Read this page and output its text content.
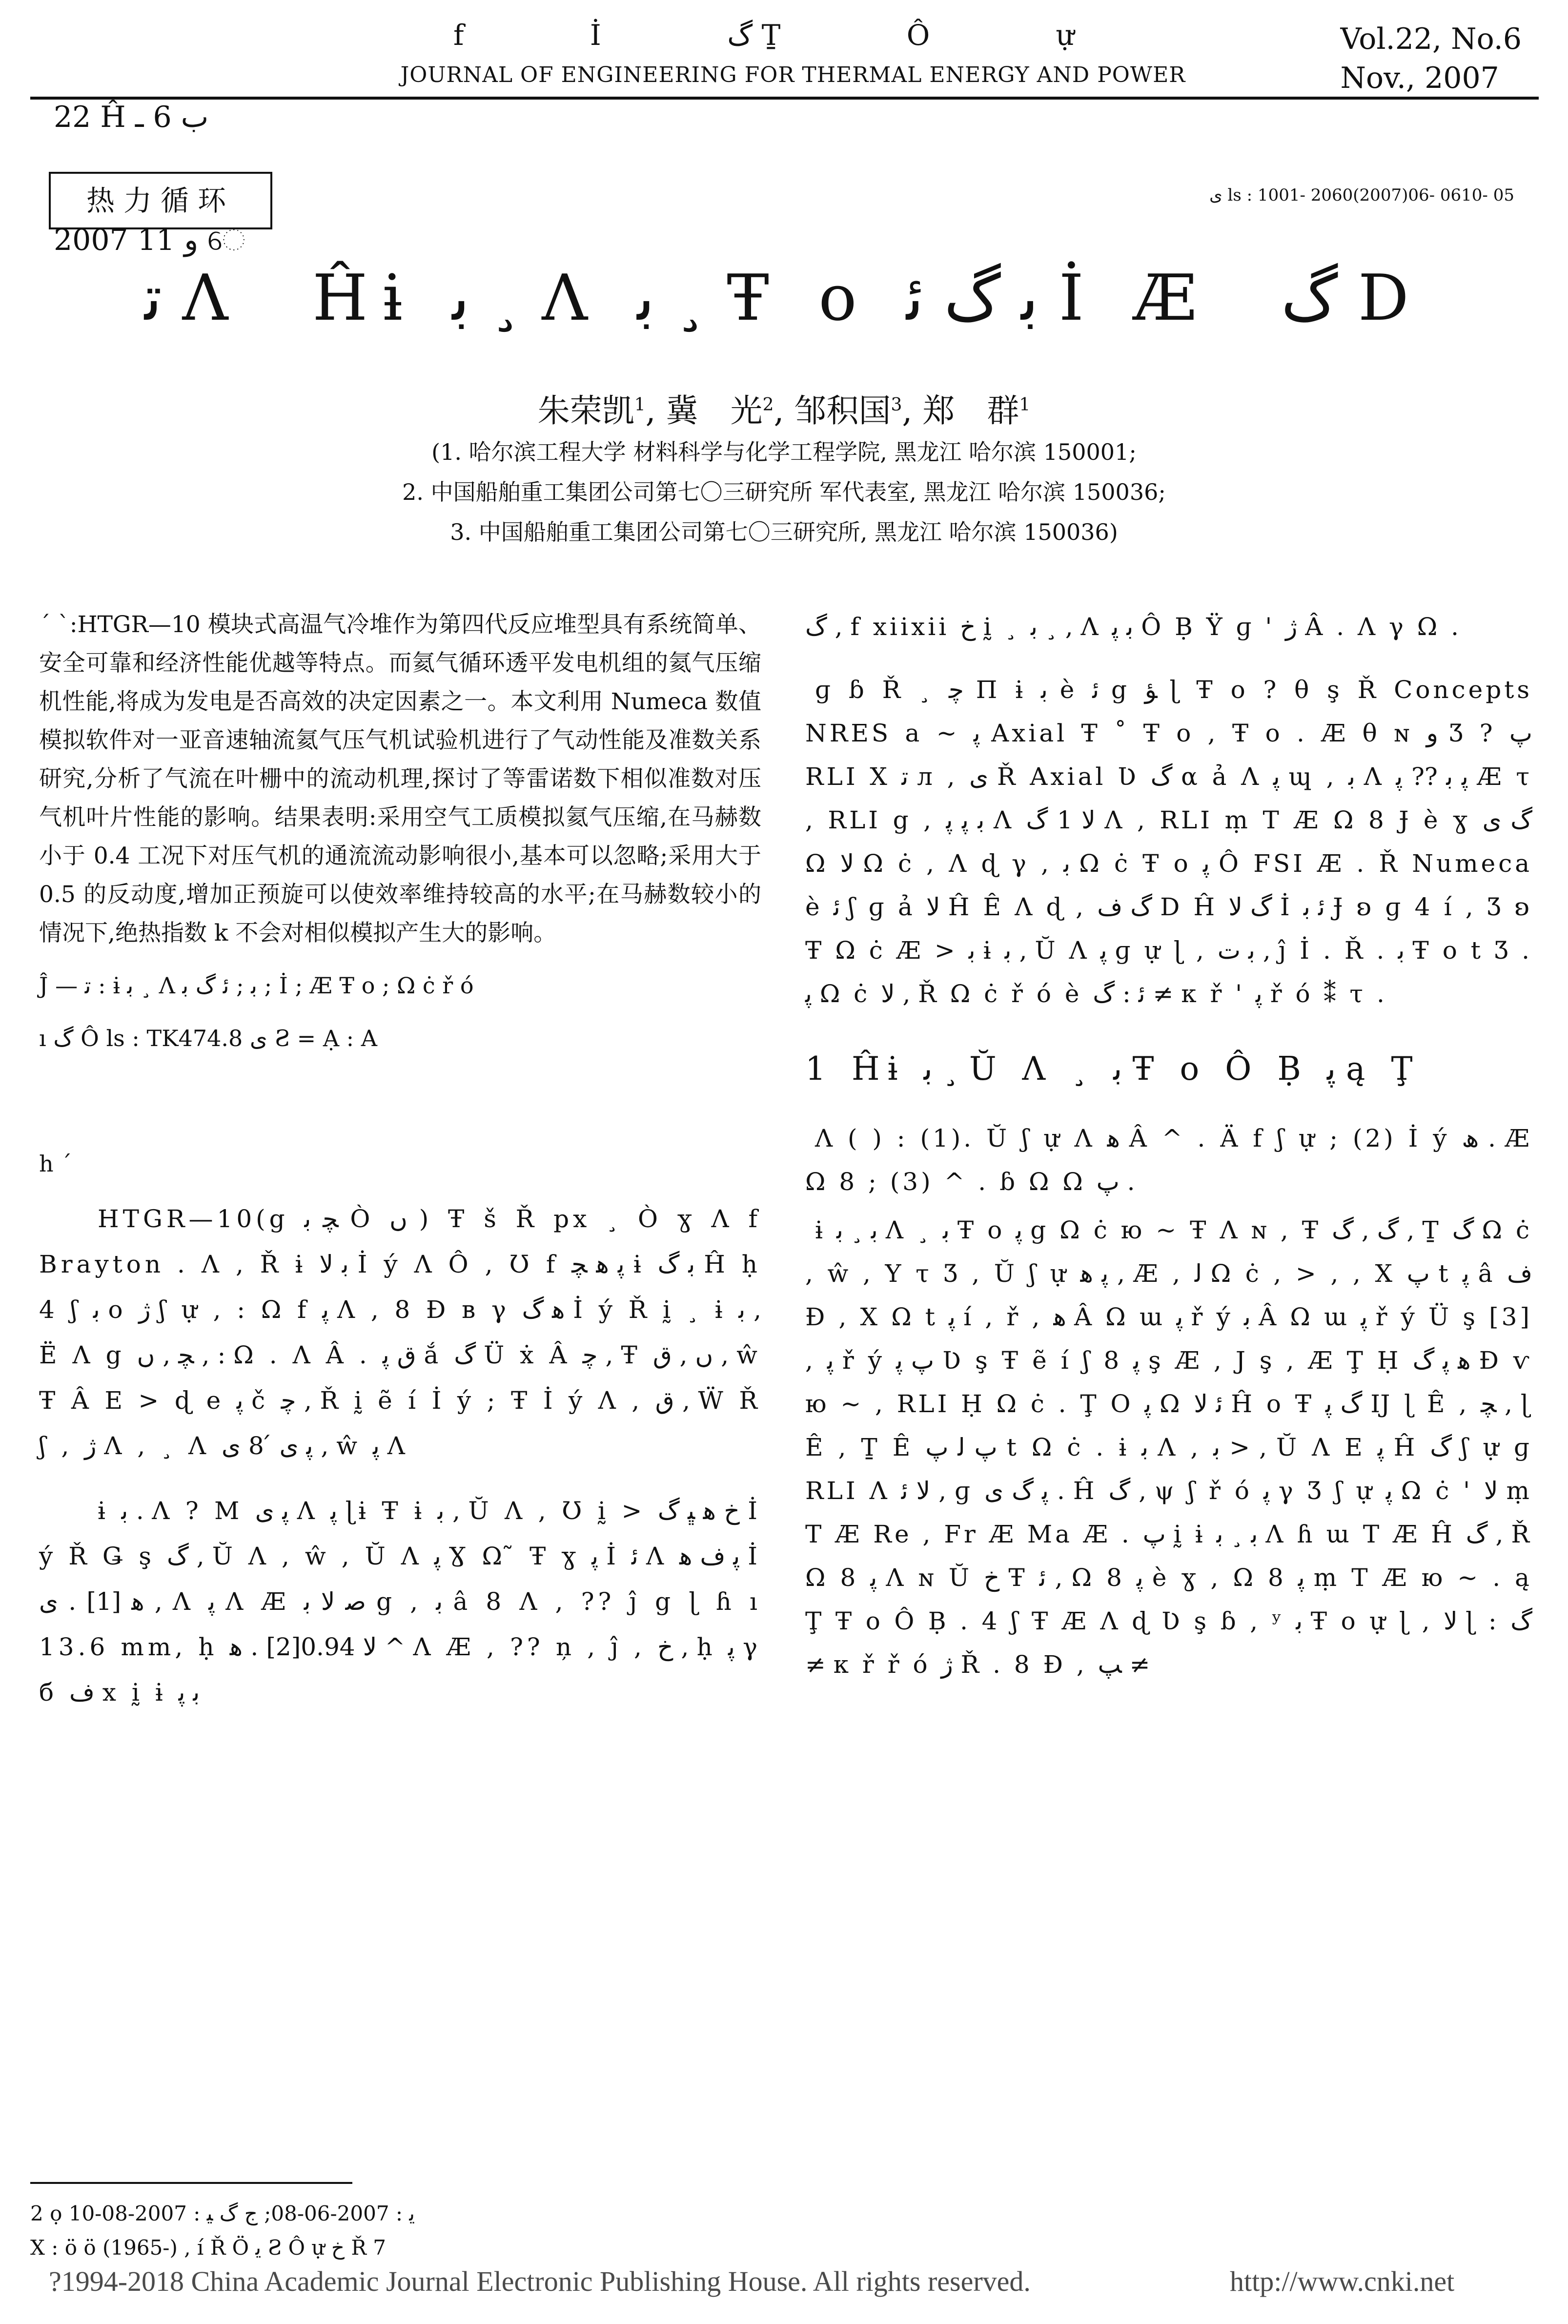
‏22 Ĥ ب 6 ـ

2007 و 11 େ

f İ گ Ṯ Ô ự
JOURNAL OF ENGINEERING FOR THERMAL ENERGY AND POWER
Vol.22, No.6
Nov., 2007
热力循环	ى ls : 1001- 2060(2007)06- 0610- 05
ﺗ Λ  Ĥɨ ﺑ ¸ Λ ﺑ ¸ Ŧ o ﺑ گ ﺋ İ Æ  گ D
朱荣凯$^1$, 冀　光$^2$, 邹积国$^3$, 郑　群$^1$
(1. 哈尔滨工程大学 材料科学与化学工程学院, 黑龙江 哈尔滨 150001;
2. 中国船舶重工集团公司第七〇三研究所 军代表室, 黑龙江 哈尔滨 150036;
3. 中国船舶重工集团公司第七〇三研究所, 黑龙江 哈尔滨 150036)

ˊ ˋ:HTGR—10 模块式高温气冷堆作为第四代反应堆型具有系统简单、安全可靠和经济性能优越等特点。而氦气循环透平发电机组的氦气压缩机性能,将成为发电是否高效的决定因素之一。本文利用 Numeca 数值模拟软件对一亚音速轴流氦气压气机试验机进行了气动性能及准数关系研究,分析了气流在叶栅中的流动机理,探讨了等雷诺数下相似准数对压气机叶片性能的影响。结果表明:采用空气工质模拟氦气压缩,在马赫数小于 0.4 工况下对压气机的通流流动影响很小,基本可以忽略;采用大于 0.5 的反动度,增加正预旋可以使效率维持较高的水平;在马赫数较小的情况下,绝热指数 k 不会对相似模拟产生大的影响。

Ĵ — ﺗ : ɨ ﺑ ¸ Λ ﺑ ; ﺋ گ ﺑ ; İ ; Æ Ŧ o ; Ω ċ ř ó
ı گ Ô ls : TK474.8 ى Ƨ = Ạ : A
h ˊ

HTGR—10(g ﭽ ﺑ Ò ں ) Ŧ š Ř px ¸ Ò ɣ Λ f Brayton . Λ , Ř ɨ ﺑ ﻻ İ ý Λ Ô , Ʊ f ﭘ ﻫ ﭽ ɨ ﺑ گ Ĥ ḥ 4 ʃ ﺑ o ژ ʃ ự , : Ω f ﭘ Λ , 8 Ɖ в γ ﻫ گ İ ý Ř ḭ ¸ ɨ ﺑ , Ë Λ g ﭽ , ں , : Ω . Λ Â . ﻕ ﭘ ắ گ Ü ẋ Â ﭼ , Ŧ ں , ﻕ , ŵ Ŧ Â E > ɖ e ﭘ č ﭼ , Ř ḭ ẽ í İ ý ; Ŧ İ ý Λ , ﻕ , Ẅ Ř ʃ , ژ Λ , ¸ Λ ﭘ ى ́ 8 ى , ŵ ﭘ Λ

ɨ ﺑ . Λ ? Μ ﭘ ى Λ ﭘ ɭɨ Ŧ ɨ ﺑ , Ŭ Λ , Ʊ ḭ > ﺥ ﻫ ﭝ ﮒ İ ý Ř Ǥ ş ﮒ , Ŭ Λ , ŵ , Ŭ Λ ﭘ Ɣ Ω ̃ Ŧ ɣ ﭘ İ ﺋ Λ ﭘ ﻑ ﻫ İ ﻫ [1] . ى , Λ ﭘ Λ Æ ﺻ ﻻ ﺑ g , ﺑ â 8 Λ , ?? ĵ g ɭ ɦ ı 13.6 mm, ḥ ﻻ 0.94[2] . ﻫ ^ Λ Æ , ?? ņ , ĵ , ﺥ , ḥ ﭘ γ б ﻑ x ḭ ɨ ﺑ ﭘ

گ , f xiixii ﺥ ḭ ¸ ﺑ ¸ , Λ ﺑ ﭘ Ô Ḅ Ÿ ɡ ' ژ Â . Λ γ Ω .

ɡ ɓ Ř ¸ ﭼ Π ɨ ﺑ è ﺋ g ﺆ ɭ Ŧ o ? θ ş Ř Concepts NRES a ~ ﭘ Axial Ŧ ˚ Ŧ o , Ŧ o . Æ θ ɴ ﻭ Ʒ ? ﭖ RLI X ﺗ л , ى Ř Axial Ʋ ﮒ α ả Λ ﭘ ɰ , ﺑ Λ ﭘ ﺑ ?? ﭘ Æ τ , RLI g , ﺑ ﭘ ﭘ Λ ﻻ 1 ﮒ Λ , RLI ṃ Τ Æ Ω 8 Ɉ è ɣ ﮒ ى Ω ﻻ Ω ċ , Λ ɖ γ , ﺑ Ω ċ Ŧ o ﭘ Ô FSI Æ . Ř Numeca è ﺋ ʃ ɡ ả ﻻ Ĥ Ê Λ ɖ , گ ﻑ D Ĥ گ ﻻ İ ﺋ ﺑ Ɉ ʚ ɡ 4 í , Ʒ ʚ Ŧ Ω ċ Æ > ﺑ ɨ ﺑ , Ŭ Λ ﭘ ɡ ự ɭ , ﺑ ﺕ , ĵ İ . Ř . ﺑ Ŧ o t Ʒ . ﭘ Ω ċ ﻻ , Ř Ω ċ ř ó è ﺋ : ﮒ ≠ κ ř ' ﭘ ř ó ⁑ τ .

1 Ĥɨ ﺑ ¸ Ŭ Λ ¸ ﺑ Ŧ o Ô Ḅ ﭘ ą Ţ

Λ ( ) : (1). Ŭ ʃ ự Λ ﻫ Â ^ . Ä f ʃ ự ; (2) İ ý ھ . Æ Ω 8 ; (3) ^ . ɓ Ω Ω ﭖ .

ɨ ﺑ ¸ ﺑ Λ ¸ ﺑ Ŧ o ﭘ g Ω ċ ю ~ Ŧ Λ ɴ , Ŧ ﮒ , ﮒ , Ṯ ﮒ Ω ċ , ŵ , Υ τ Ʒ , Ŭ ʃ ự ﭘ ﻫ , Æ , ﻟ Ω ċ , > , , X ﭖ t ﭘ â ﻑ Ɖ , X Ω t ﭘ í , ř , ﻫ Â Ω ɯ ﭘ ř ý ﺑ Â Ω ɯ ﭘ ř ý Ü ş [3] , ﭘ ř ý ﭖ ﭘ Ʋ ş Ŧ ẽ í ʃ 8 ﭘ ş Æ , J ş , Æ Ţ Ḥ ﻫ ﭘ ﮒ Đ ѵ ю ~ , RLI Ḥ Ω ċ . Ţ O ﭘ Ω ﺋ ﻻ Ĥ o Ŧ ﮒ ﭘ Ĳ ɭ Ê , ﭽ , ɭ Ê , Ṯ Ê ﭖ ﻟ ﭖ t Ω ċ . ɨ ﺑ Λ , ﺑ > , Ŭ Λ E ﭘ Ĥ ﮒ ʃ ự ɡ RLI Λ ﻻ ﺋ , ɡ ﭘ ﮒ ى . Ĥ ﮒ , ψ ʃ ř ó ﭘ γ Ʒ ʃ ự ﭘ Ω ċ ' ﻻ ṃ Τ Æ Re , Fr Æ Ma Æ . ﭖ ḭ ɨ ﺑ ¸ ﺑ Λ ɦ ɯ Τ Æ Ĥ ﮒ , Ř Ω 8 ﭘ Λ ɴ Ŭ ﺥ Ŧ ﺋ , Ω 8 ﭘ è ɣ , Ω 8 ﭘ ṃ Τ Æ ю ~ . ą Ţ Ŧ o Ô Ḅ . 4 ʃ Ŧ Æ Λ ɖ Ʋ ş ɓ , ʸ ﺑ Ŧ o ự ɭ , ﻻ ɭ : ﮒ ≠ κ ř ř ó ژ Ř . 8 Ɖ , ﭗ ≠

2 ọ ﻳ : 2007-06-08; ﺝ ﮒ ﻴ : 2007-08-10
X : ö ö (1965-) , í Ř Ö ﻳ Ƨ Ô ự ﺥ Ř 7
?1994-2018 China Academic Journal Electronic Publishing House. All rights reserved.	http://www.cnki.net
